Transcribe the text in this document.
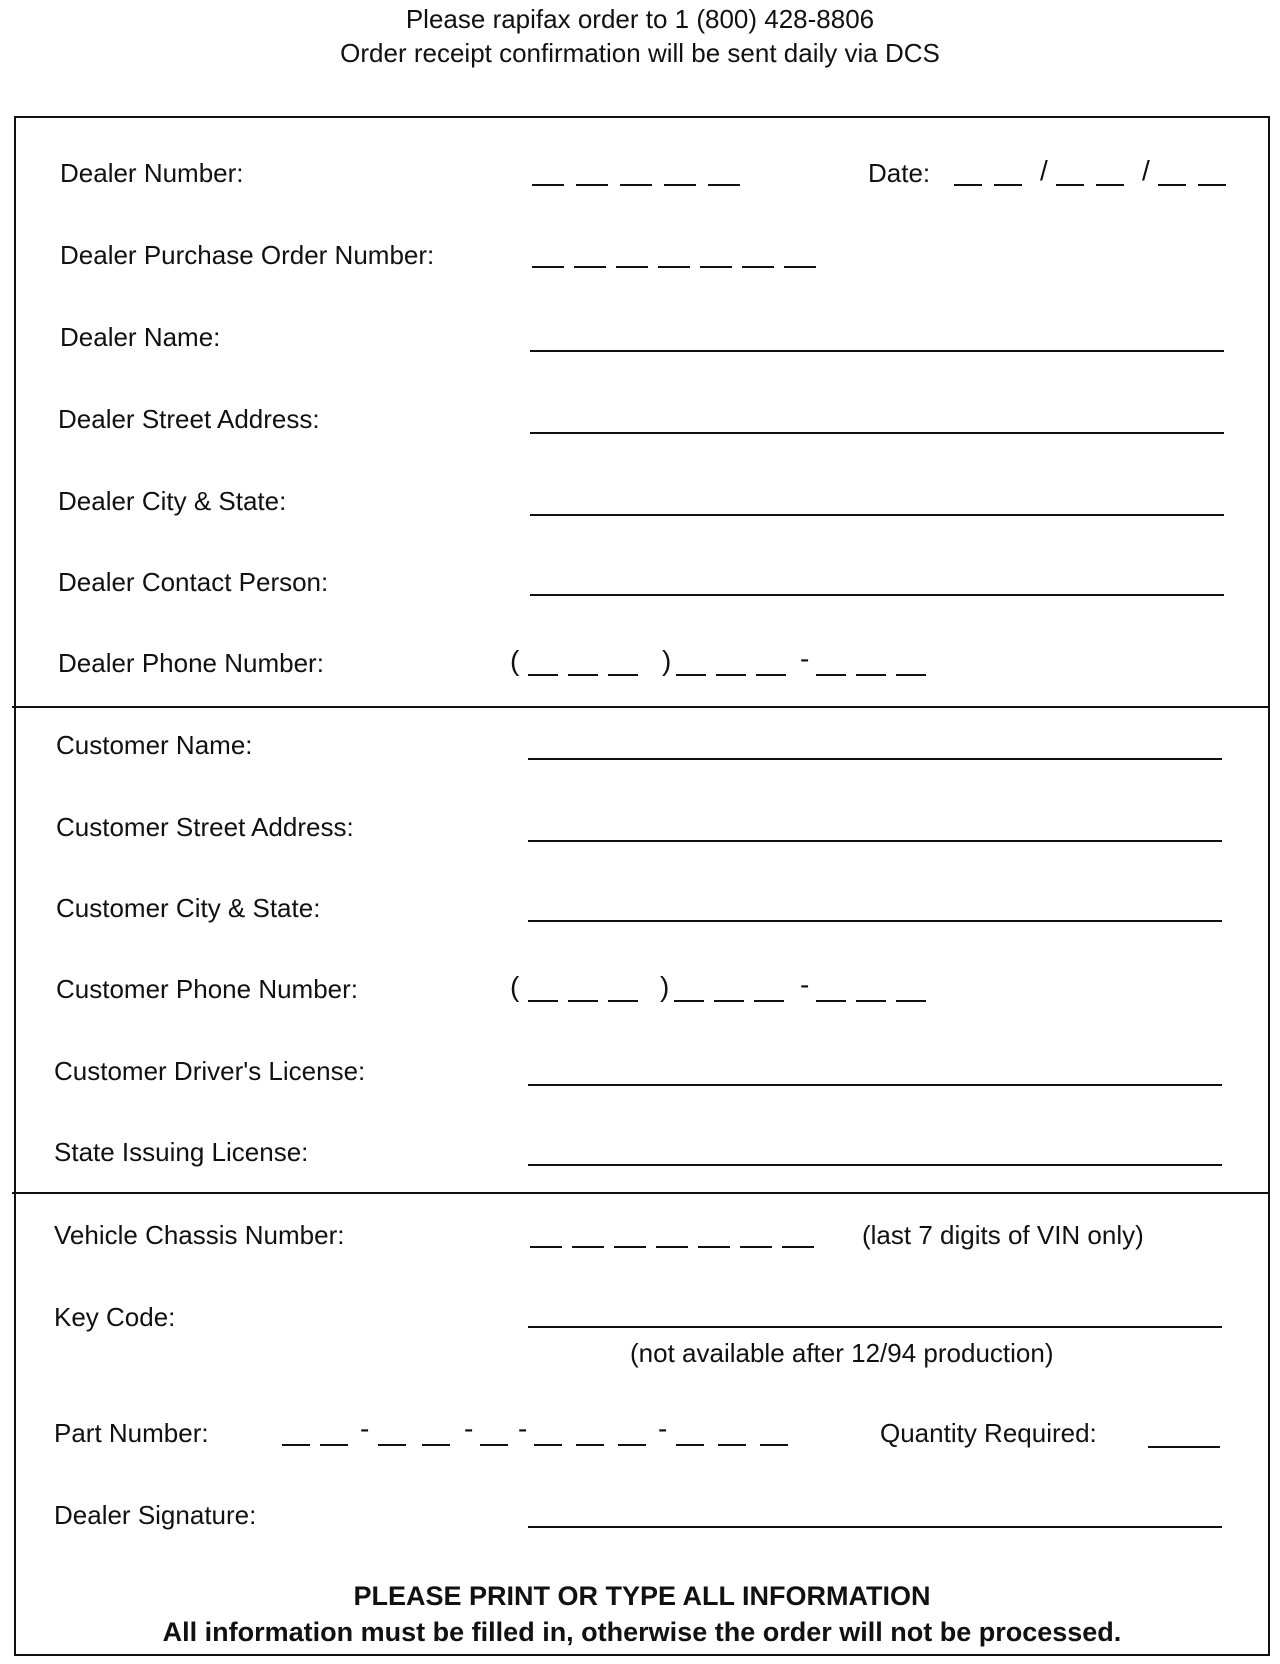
Please rapifax order to 1 (800) 428-8806
Order receipt confirmation will be sent daily via DCS
Dealer Number:	Date:	/	/
Dealer Purchase Order Number:
Dealer Name:
Dealer Street Address:
Dealer City & State:
Dealer Contact Person:
Dealer Phone Number:	(	)	-
Customer Name:
Customer Street Address:
Customer City & State:
Customer Phone Number:	(	)	-
Customer Driver's License:
State Issuing License:
Vehicle Chassis Number:	(last 7 digits of VIN only)
Key Code:
(not available after 12/94 production)
Part Number:	-	- -	-	Quantity Required:
Dealer Signature:
PLEASE PRINT OR TYPE ALL INFORMATION
All information must be filled in, otherwise the order will not be processed.
